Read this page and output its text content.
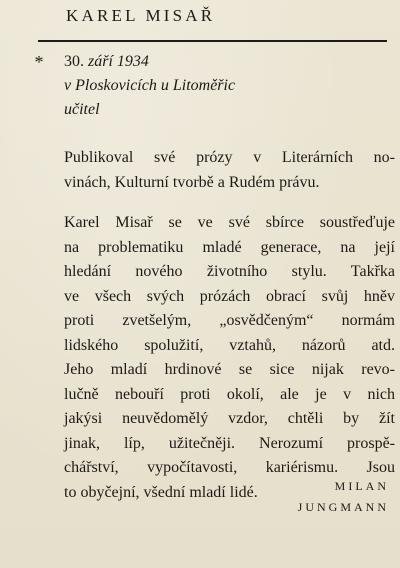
KAREL MISAŘ
* 30. září 1934
v Ploskovicích u Litoměřic
učitel
Publikoval své prózy v Literárních no-
vinách, Kulturní tvorbě a Rudém právu.
Karel Misař se ve své sbírce soustřeďuje
na problematiku mladé generace, na její
hledání nového životního stylu. Takřka
ve všech svých prózách obrací svůj hněv
proti zvetšelým, „osvědčeným“ normám
lidského spolužití, vztahů, názorů atd.
Jeho mladí hrdinové se sice nijak revo-
lučně nebouří proti okolí, ale je v nich
jakýsi neuvědomělý vzdor, chtěli by žít
jinak, líp, užitečněji. Nerozumí prospě-
chářství, vypočítavosti, kariérismu. Jsou
to obyčejní, všední mladí lidé.	MILAN
JUNGMANN
